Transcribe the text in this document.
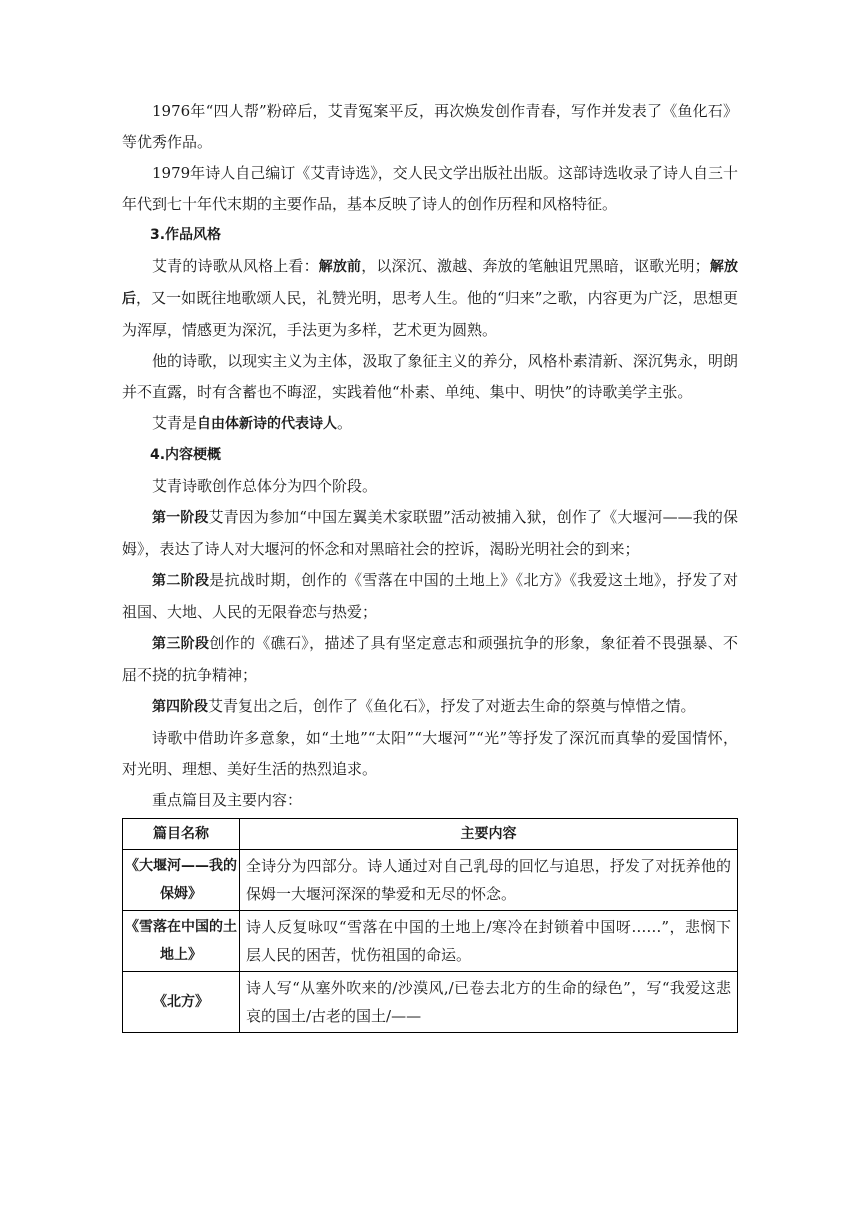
1976年“四人帮”粉碎后，艾青冤案平反，再次焕发创作青春，写作并发表了《鱼化石》等优秀作品。

1979年诗人自己编订《艾青诗选》，交人民文学出版社出版。这部诗选收录了诗人自三十年代到七十年代末期的主要作品，基本反映了诗人的创作历程和风格特征。

3.作品风格

艾青的诗歌从风格上看：解放前，以深沉、激越、奔放的笔触诅咒黑暗，讴歌光明；解放后，又一如既往地歌颂人民，礼赞光明，思考人生。他的“归来”之歌，内容更为广泛，思想更为浑厚，情感更为深沉，手法更为多样，艺术更为圆熟。

他的诗歌，以现实主义为主体，汲取了象征主义的养分，风格朴素清新、深沉隽永，明朗并不直露，时有含蓄也不晦涩，实践着他“朴素、单纯、集中、明快”的诗歌美学主张。

艾青是自由体新诗的代表诗人。

4.内容梗概

艾青诗歌创作总体分为四个阶段。

第一阶段艾青因为参加“中国左翼美术家联盟”活动被捕入狱，创作了《大堰河——我的保姆》，表达了诗人对大堰河的怀念和对黑暗社会的控诉，渴盼光明社会的到来；

第二阶段是抗战时期，创作的《雪落在中国的土地上》《北方》《我爱这土地》，抒发了对祖国、大地、人民的无限眷恋与热爱；

第三阶段创作的《礁石》，描述了具有坚定意志和顽强抗争的形象，象征着不畏强暴、不屈不挠的抗争精神；

第四阶段艾青复出之后，创作了《鱼化石》，抒发了对逝去生命的祭奠与悼惜之情。

诗歌中借助许多意象，如“土地”“太阳”“大堰河”“光”等抒发了深沉而真挚的爱国情怀，对光明、理想、美好生活的热烈追求。

重点篇目及主要内容：

篇目名称	主要内容
《大堰河——我的保姆》	全诗分为四部分。诗人通过对自己乳母的回忆与追思，抒发了对抚养他的保姆一大堰河深深的挚爱和无尽的怀念。
《雪落在中国的土地上》	诗人反复咏叹“雪落在中国的土地上/寒冷在封锁着中国呀……”，悲悯下层人民的困苦，忧伤祖国的命运。
《北方》	诗人写“从塞外吹来的/沙漠风,/已卷去北方的生命的绿色”，写“我爱这悲哀的国土/古老的国土/——
